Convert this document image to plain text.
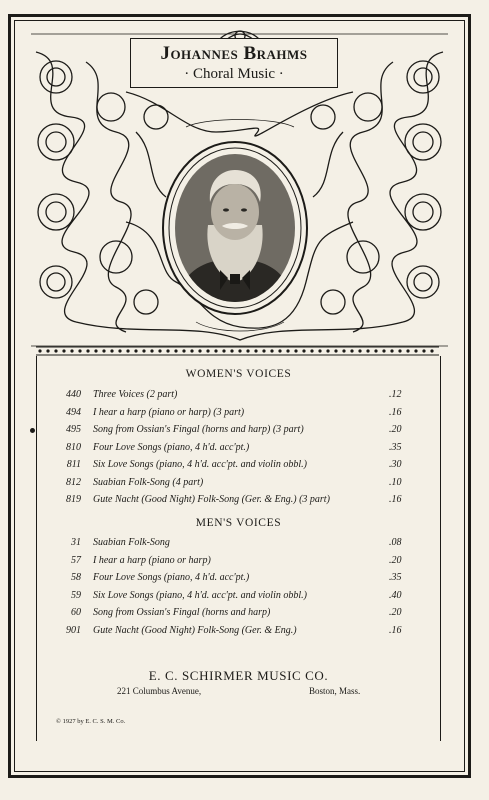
Johannes Brahms
· Choral Music ·
WOMEN'S VOICES
440 Three Voices (2 part)	.12
494 I hear a harp (piano or harp) (3 part)	.16
495 Song from Ossian's Fingal (horns and harp) (3 part)	.20
810 Four Love Songs (piano, 4 h'd. acc'pt.)	.35
811 Six Love Songs (piano, 4 h'd. acc'pt. and violin obbl.)	.30
812 Suabian Folk-Song (4 part)	.10
819 Gute Nacht (Good Night) Folk-Song (Ger. & Eng.) (3 part)	.16
MEN'S VOICES
31 Suabian Folk-Song	.08
57 I hear a harp (piano or harp)	.20
58 Four Love Songs (piano, 4 h'd. acc'pt.)	.35
59 Six Love Songs (piano, 4 h'd. acc'pt. and violin obbl.)	.40
60 Song from Ossian's Fingal (horns and harp)	.20
901 Gute Nacht (Good Night) Folk-Song (Ger. & Eng.)	.16
E. C. SCHIRMER MUSIC CO.
221 Columbus Avenue,	Boston, Mass.
© 1927 by E. C. S. M. Co.
